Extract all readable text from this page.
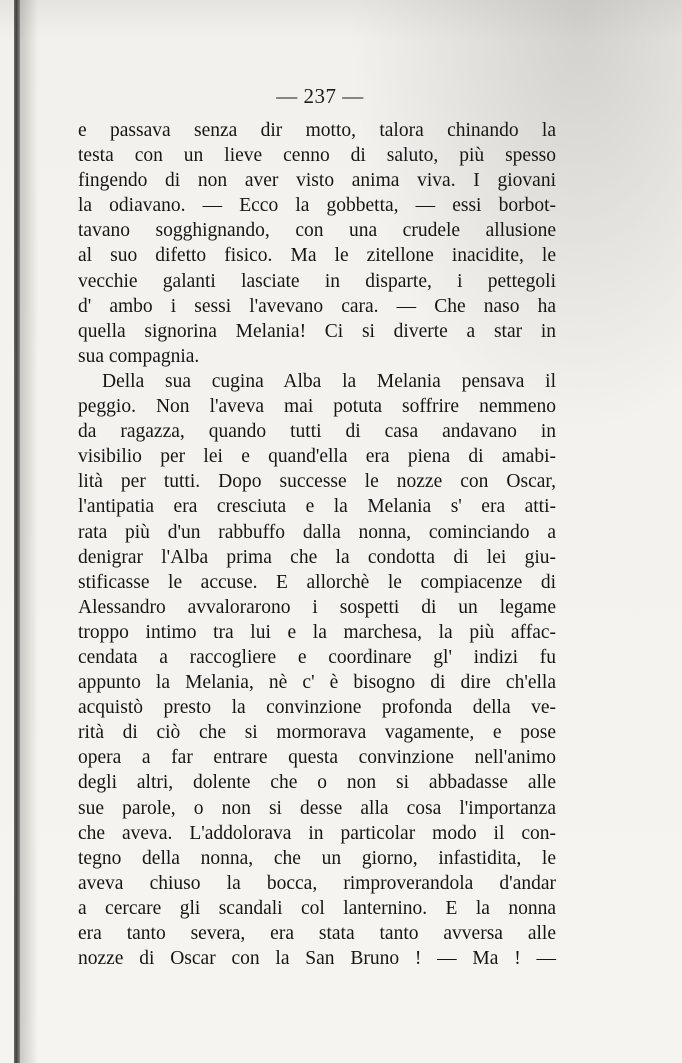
— 237 —
e passava senza dir motto, talora chinando la
testa con un lieve cenno di saluto, più spesso
fingendo di non aver visto anima viva. I giovani
la odiavano. — Ecco la gobbetta, — essi borbot-
tavano sogghignando, con una crudele allusione
al suo difetto fisico. Ma le zitellone inacidite, le
vecchie galanti lasciate in disparte, i pettegoli
d' ambo i sessi l'avevano cara. — Che naso ha
quella signorina Melania! Ci si diverte a star in
sua compagnia.
Della sua cugina Alba la Melania pensava il
peggio. Non l'aveva mai potuta soffrire nemmeno
da ragazza, quando tutti di casa andavano in
visibilio per lei e quand'ella era piena di amabi-
lità per tutti. Dopo successe le nozze con Oscar,
l'antipatia era cresciuta e la Melania s' era atti-
rata più d'un rabbuffo dalla nonna, cominciando a
denigrar l'Alba prima che la condotta di lei giu-
stificasse le accuse. E allorchè le compiacenze di
Alessandro avvalorarono i sospetti di un legame
troppo intimo tra lui e la marchesa, la più affac-
cendata a raccogliere e coordinare gl' indizi fu
appunto la Melania, nè c' è bisogno di dire ch'ella
acquistò presto la convinzione profonda della ve-
rità di ciò che si mormorava vagamente, e pose
opera a far entrare questa convinzione nell'animo
degli altri, dolente che o non si abbadasse alle
sue parole, o non si desse alla cosa l'importanza
che aveva. L'addolorava in particolar modo il con-
tegno della nonna, che un giorno, infastidita, le
aveva chiuso la bocca, rimproverandola d'andar
a cercare gli scandali col lanternino. E la nonna
era tanto severa, era stata tanto avversa alle
nozze di Oscar con la San Bruno ! — Ma ! —
